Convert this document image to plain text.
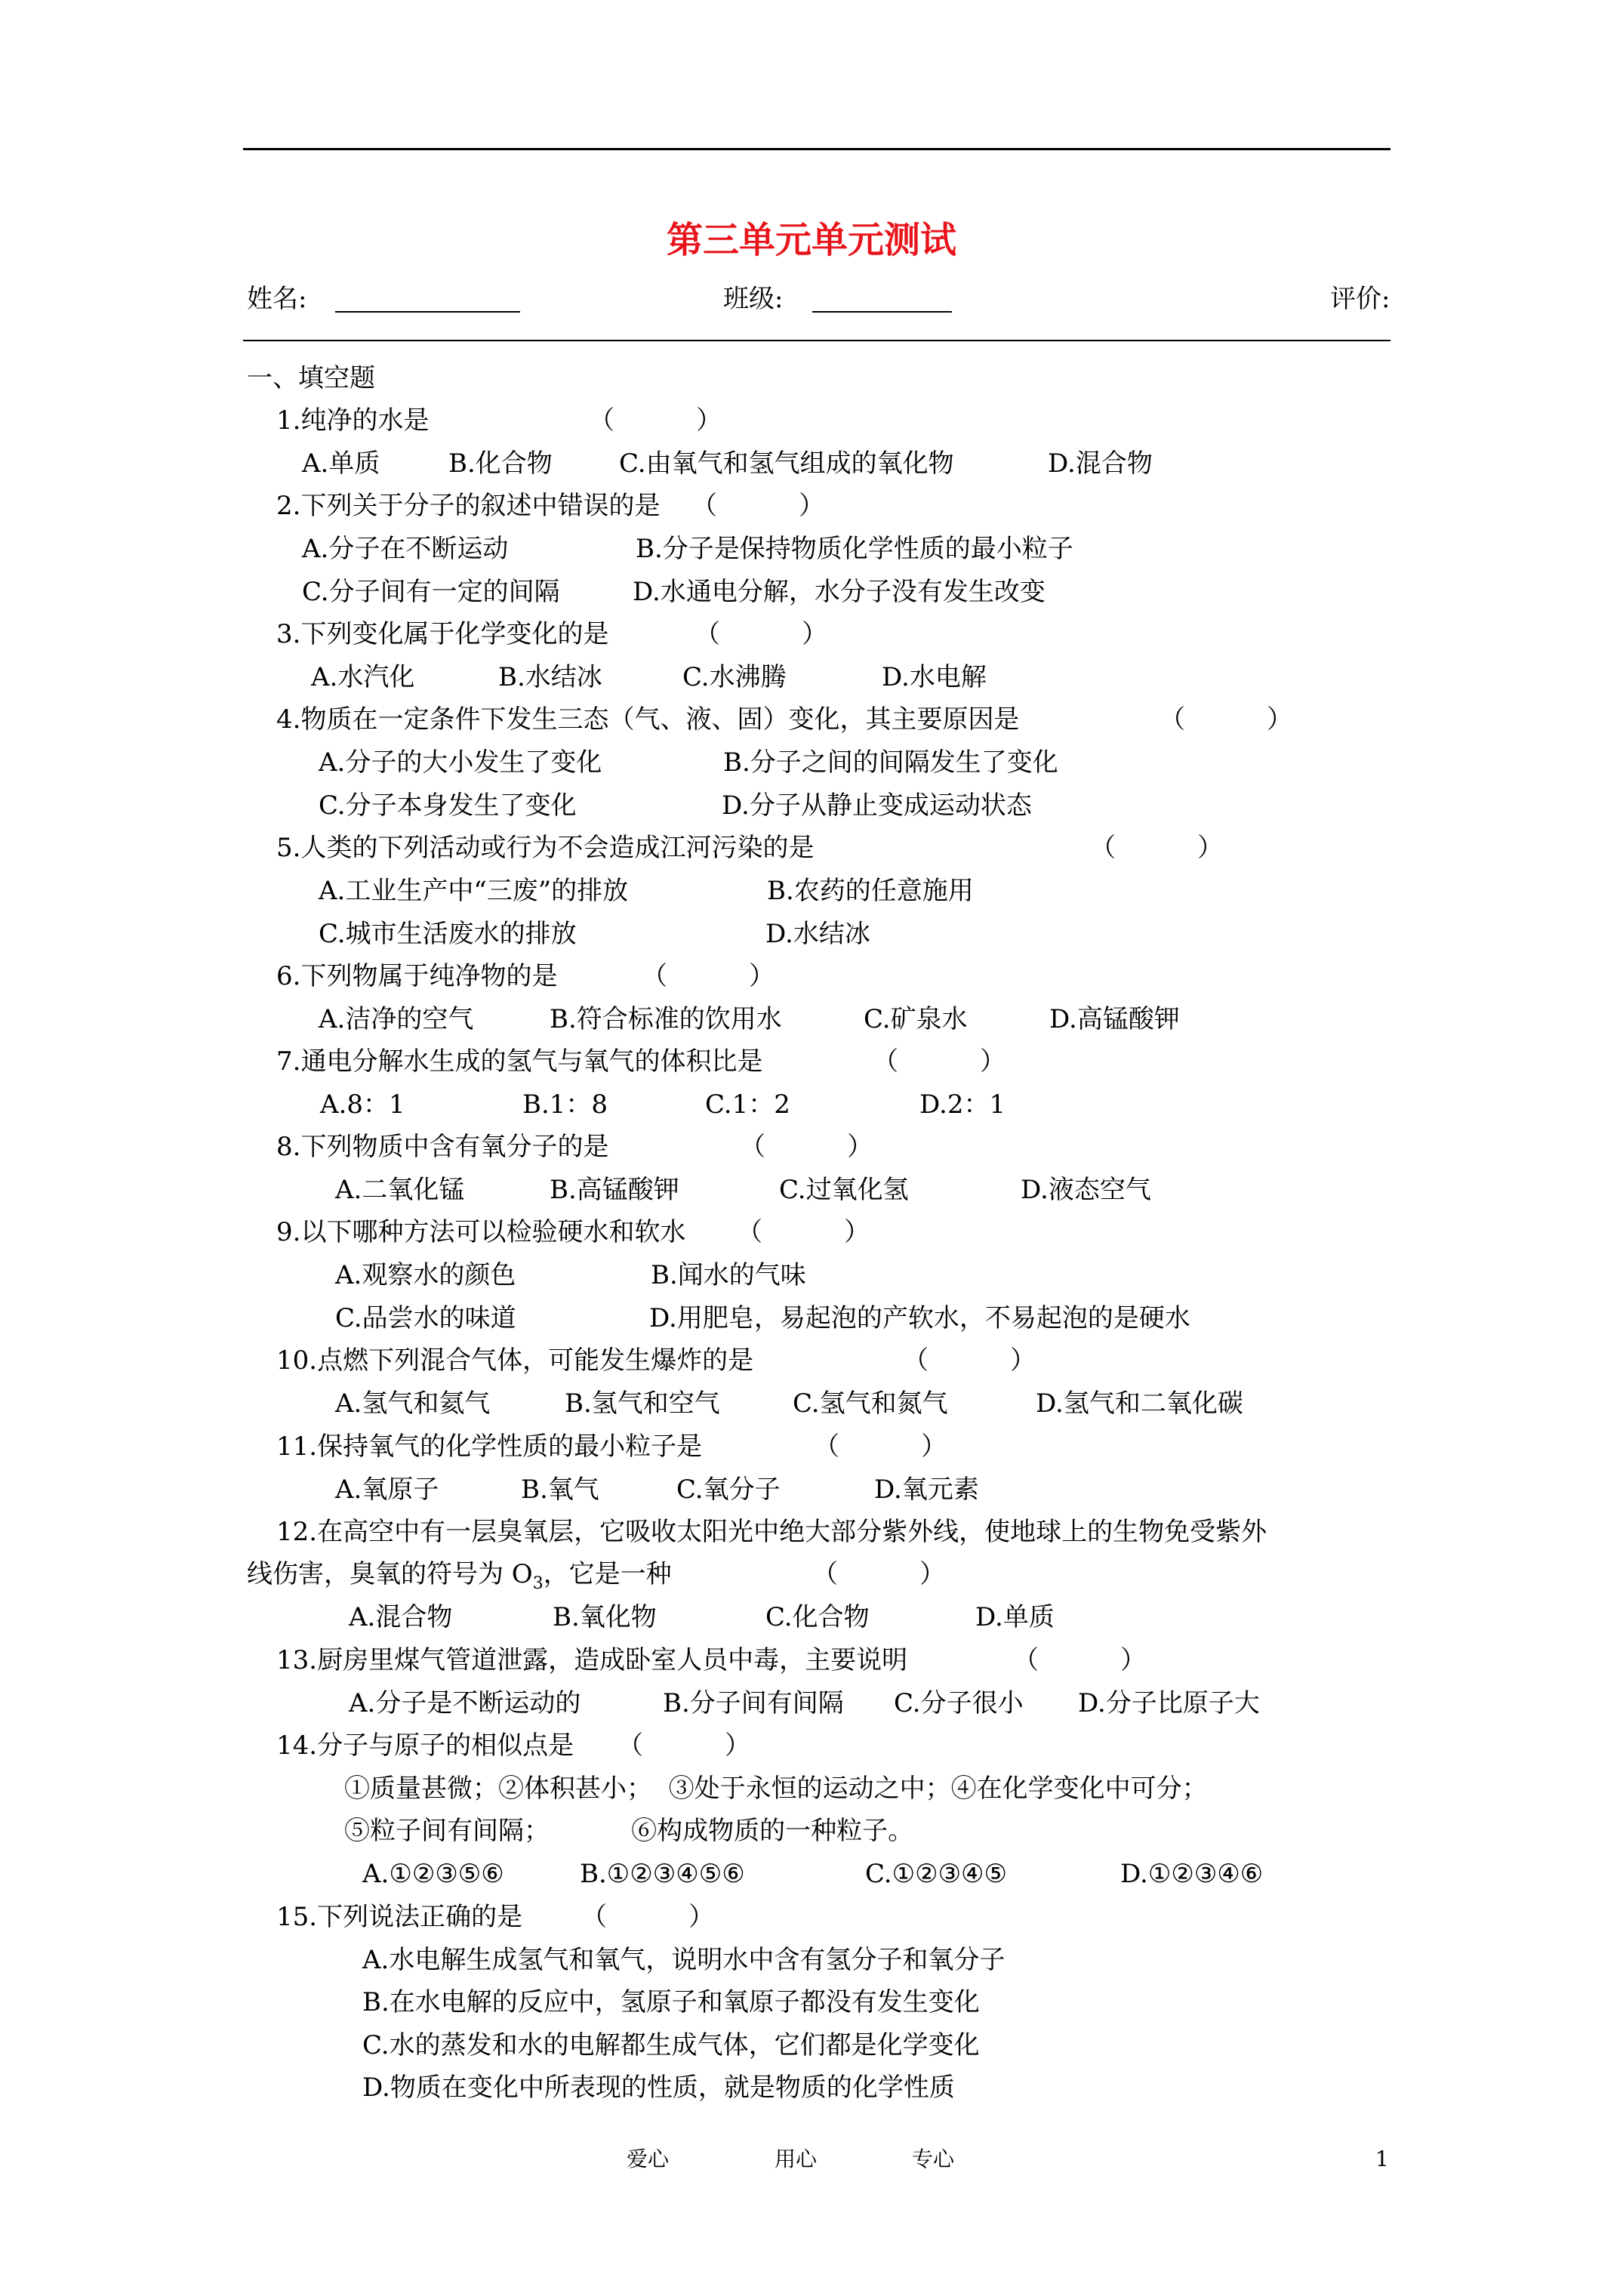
第三单元单元测试
姓名:	班级:	评价:
一、填空题
1.纯净的水是	（          ）
A.单质	B.化合物	C.由氧气和氢气组成的氧化物	D.混合物
2.下列关于分子的叙述中错误的是 （          ）
A.分子在不断运动	B.分子是保持物质化学性质的最小粒子
C.分子间有一定的间隔	D.水通电分解，水分子没有发生改变
3.下列变化属于化学变化的是	（          ）
A.水汽化	B.水结冰	C.水沸腾	D.水电解
4.物质在一定条件下发生三态（气、液、固）变化，其主要原因是	（          ）
A.分子的大小发生了变化	B.分子之间的间隔发生了变化
C.分子本身发生了变化	D.分子从静止变成运动状态
5.人类的下列活动或行为不会造成江河污染的是	（          ）
A.工业生产中“三废”的排放	B.农药的任意施用
C.城市生活废水的排放	D.水结冰
6.下列物属于纯净物的是	（          ）
A.洁净的空气	B.符合标准的饮用水	C.矿泉水	D.高锰酸钾
7.通电分解水生成的氢气与氧气的体积比是	（          ）
A.8：1	B.1：8	C.1：2	D.2：1
8.下列物质中含有氧分子的是	（          ）
A.二氧化锰	B.高锰酸钾	C.过氧化氢	D.液态空气
9.以下哪种方法可以检验硬水和软水 （          ）
A.观察水的颜色	B.闻水的气味
C.品尝水的味道	D.用肥皂，易起泡的产软水，不易起泡的是硬水
10.点燃下列混合气体，可能发生爆炸的是	（          ）
A.氢气和氦气	B.氢气和空气	C.氢气和氮气	D.氢气和二氧化碳
11.保持氧气的化学性质的最小粒子是	（          ）
A.氧原子	B.氧气	C.氧分子	D.氧元素
12.在高空中有一层臭氧层，它吸收太阳光中绝大部分紫外线，使地球上的生物免受紫外
线伤害，臭氧的符号为 $O_3$，它是一种	（          ）
A.混合物	B.氧化物	C.化合物	D.单质
13.厨房里煤气管道泄露，造成卧室人员中毒，主要说明	（          ）
A.分子是不断运动的	B.分子间有间隔 C.分子很小 D.分子比原子大
14.分子与原子的相似点是 （          ）
①质量甚微；②体积甚小；  ③处于永恒的运动之中；④在化学变化中可分；
⑤粒子间有间隔；          ⑥构成物质的一种粒子。
A.①②③⑤⑥	B.①②③④⑤⑥	C.①②③④⑤	D.①②③④⑥
15.下列说法正确的是 （          ）
A.水电解生成氢气和氧气，说明水中含有氢分子和氧分子
B.在水电解的反应中，氢原子和氧原子都没有发生变化
C.水的蒸发和水的电解都生成气体，它们都是化学变化
D.物质在变化中所表现的性质，就是物质的化学性质
爱心	用心	专心	1
